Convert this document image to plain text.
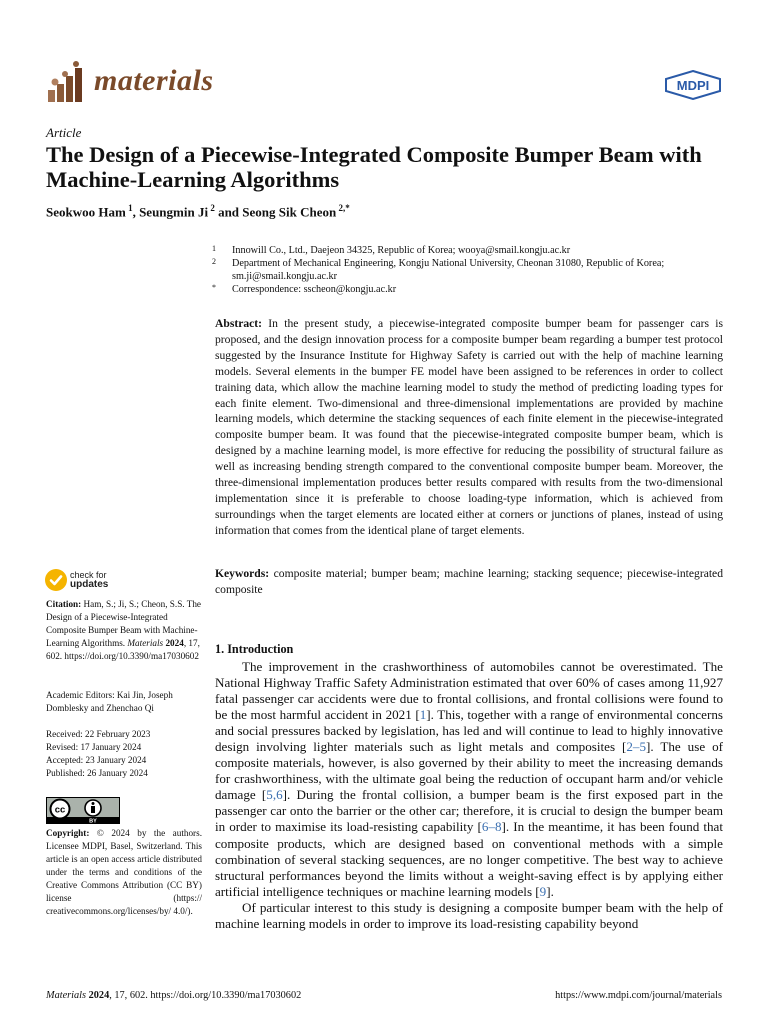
materials	MDPI
Article
The Design of a Piecewise-Integrated Composite Bumper Beam with Machine-Learning Algorithms
Seokwoo Ham $^1$, Seungmin Ji $^2$ and Seong Sik Cheon $^{2,*}$
1 Innowill Co., Ltd., Daejeon 34325, Republic of Korea; wooya@smail.kongju.ac.kr
2 Department of Mechanical Engineering, Kongju National University, Cheonan 31080, Republic of Korea; sm.ji@smail.kongju.ac.kr
* Correspondence: sscheon@kongju.ac.kr
Abstract: In the present study, a piecewise-integrated composite bumper beam for passenger cars is proposed, and the design innovation process for a composite bumper beam regarding a bumper test protocol suggested by the Insurance Institute for Highway Safety is carried out with the help of machine learning models. Several elements in the bumper FE model have been assigned to be references in order to collect training data, which allow the machine learning model to study the method of predicting loading types for each finite element. Two-dimensional and three-dimensional implementations are provided by machine learning models, which determine the stacking sequences of each finite element in the piecewise-integrated composite bumper beam. It was found that the piecewise-integrated composite bumper beam, which is designed by a machine learning model, is more effective for reducing the possibility of structural failure as well as increasing bending strength compared to the conventional composite bumper beam. Moreover, the three-dimensional implementation produces better results compared with results from the two-dimensional implementation since it is preferable to choose loading-type information, which is achieved from surroundings when the target elements are located either at corners or junctions of planes, instead of using information that comes from the identical plane of target elements.
Keywords: composite material; bumper beam; machine learning; stacking sequence; piecewise-integrated composite
check for
updates
Citation: Ham, S.; Ji, S.; Cheon, S.S. The Design of a Piecewise-Integrated Composite Bumper Beam with Machine-Learning Algorithms. Materials 2024, 17, 602. https://doi.org/10.3390/ma17030602
Academic Editors: Kai Jin, Joseph Domblesky and Zhenchao Qi
Received: 22 February 2023
Revised: 17 January 2024
Accepted: 23 January 2024
Published: 26 January 2024
cc
BY
Copyright: © 2024 by the authors. Licensee MDPI, Basel, Switzerland. This article is an open access article distributed under the terms and conditions of the Creative Commons Attribution (CC BY) license (https:// creativecommons.org/licenses/by/ 4.0/).
1. Introduction

The improvement in the crashworthiness of automobiles cannot be overestimated. The National Highway Traffic Safety Administration estimated that over 60% of cases among 11,927 fatal passenger car accidents were due to frontal collisions, and frontal collisions were found to be the most harmful accident in 2021 [1]. This, together with a range of environmental concerns and social pressures backed by legislation, has led and will continue to lead to highly innovative design involving lighter materials such as light metals and composites [2–5]. The use of composite materials, however, is also governed by their ability to meet the increasing demands for crashworthiness, with the ultimate goal being the reduction of occupant harm and/or vehicle damage [5,6]. During the frontal collision, a bumper beam is the first exposed part in the passenger car onto the barrier or the other car; therefore, it is crucial to design the bumper beam in order to maximise its load-resisting capability [6–8]. In the meantime, it has been found that composite products, which are designed based on conventional methods with a simple combination of several stacking sequences, are no longer competitive. The best way to achieve structural performances beyond the limits without a weight-saving effect is by applying either artificial intelligence techniques or machine learning models [9].

Of particular interest to this study is designing a composite bumper beam with the help of machine learning models in order to improve its load-resisting capability beyond

Materials 2024, 17, 602. https://doi.org/10.3390/ma17030602	https://www.mdpi.com/journal/materials
